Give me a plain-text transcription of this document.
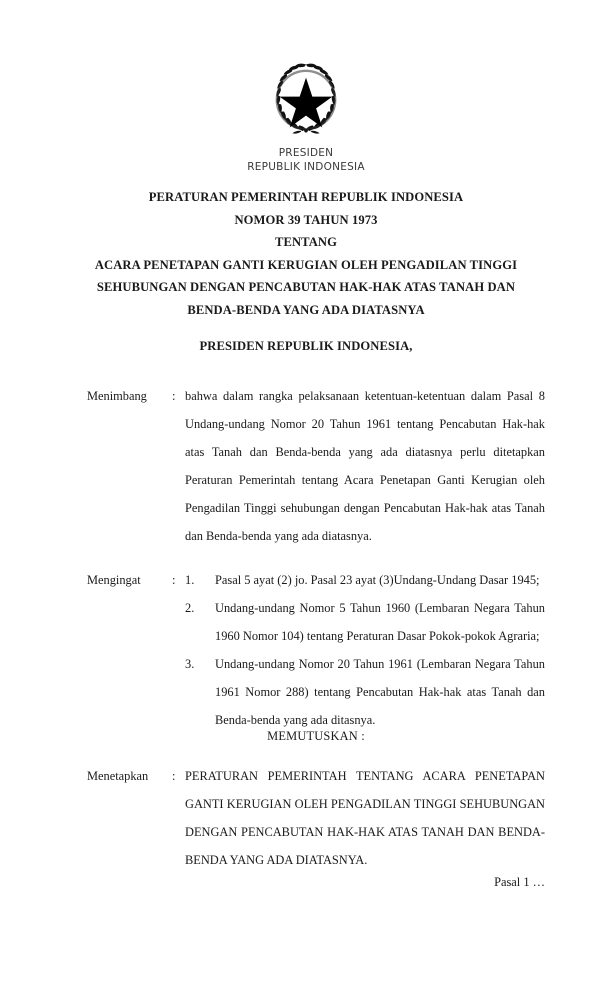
PRESIDEN
REPUBLIK INDONESIA
PERATURAN PEMERINTAH REPUBLIK INDONESIA
NOMOR 39 TAHUN 1973
TENTANG
ACARA PENETAPAN GANTI KERUGIAN OLEH PENGADILAN TINGGI
SEHUBUNGAN DENGAN PENCABUTAN HAK-HAK ATAS TANAH DAN
BENDA-BENDA YANG ADA DIATASNYA
PRESIDEN REPUBLIK INDONESIA,
Menimbang	: bahwa dalam rangka pelaksanaan ketentuan-ketentuan dalam Pasal 8 Undang-undang Nomor 20 Tahun 1961 tentang Pencabutan Hak-hak atas Tanah dan Benda-benda yang ada diatasnya perlu ditetapkan Peraturan Pemerintah tentang Acara Penetapan Ganti Kerugian oleh Pengadilan Tinggi sehubungan dengan Pencabutan Hak-hak atas Tanah dan Benda-benda yang ada diatasnya.

Mengingat	: 1.	Pasal 5 ayat (2) jo. Pasal 23 ayat (3)Undang-Undang Dasar 1945;
2.	Undang-undang Nomor 5 Tahun 1960 (Lembaran Negara Tahun 1960 Nomor 104) tentang Peraturan Dasar Pokok-pokok Agraria;
3.	Undang-undang Nomor 20 Tahun 1961 (Lembaran Negara Tahun 1961 Nomor 288) tentang Pencabutan Hak-hak atas Tanah dan Benda-benda yang ada ditasnya.
MEMUTUSKAN :
Menetapkan	: PERATURAN PEMERINTAH TENTANG ACARA PENETAPAN GANTI KERUGIAN OLEH PENGADILAN TINGGI SEHUBUNGAN DENGAN PENCABUTAN HAK-HAK ATAS TANAH DAN BENDA-BENDA YANG ADA DIATASNYA.
Pasal 1 …
